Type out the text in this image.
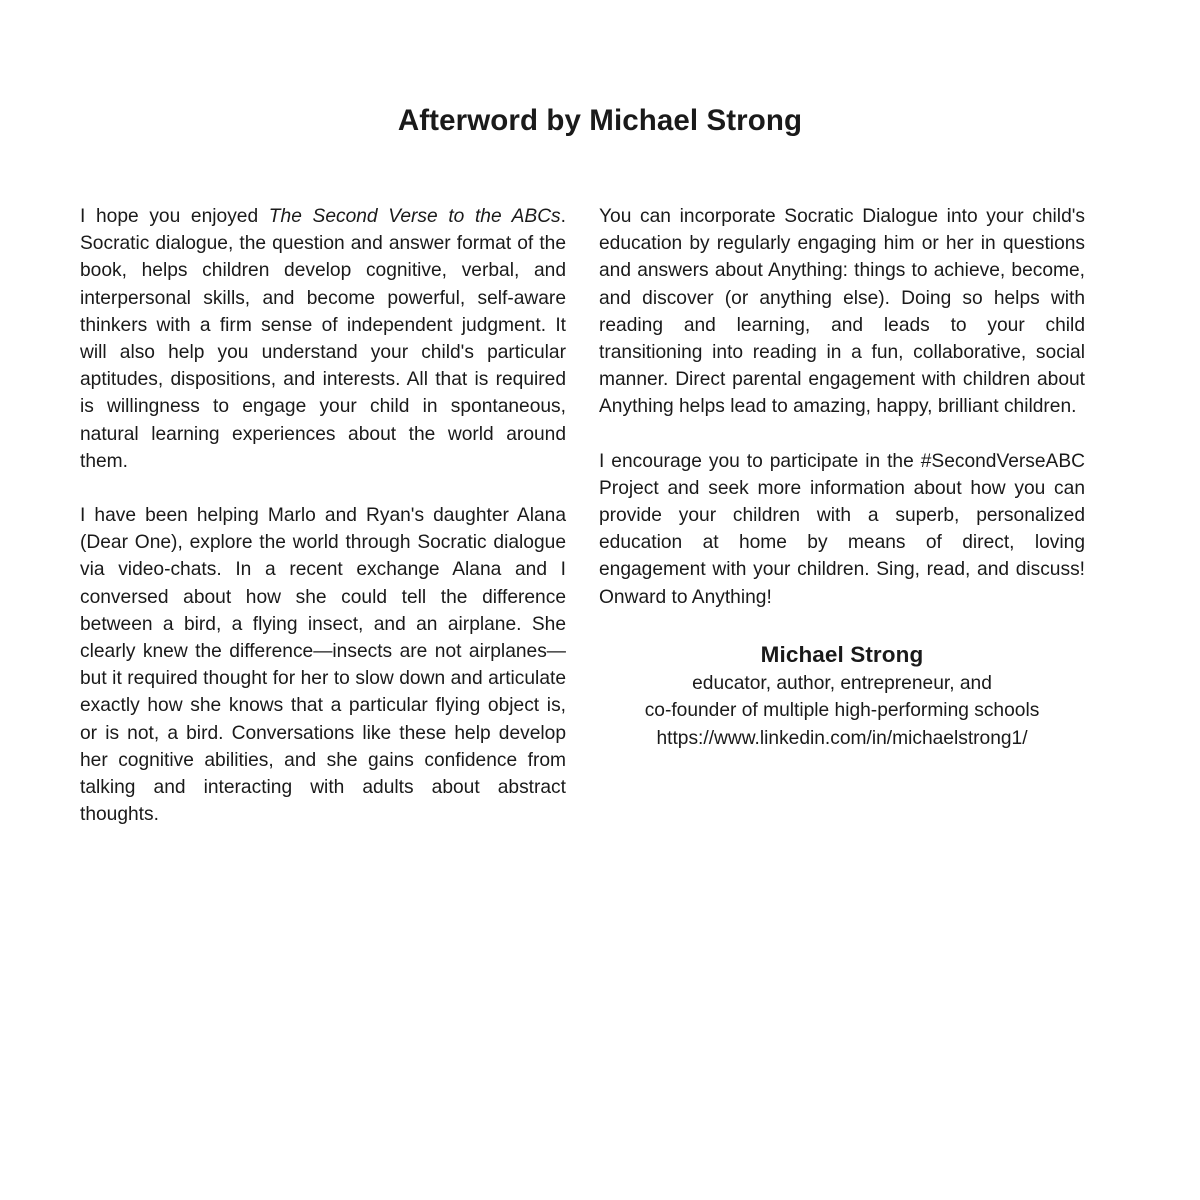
Afterword by Michael Strong

I hope you enjoyed The Second Verse to the ABCs. Socratic dialogue, the question and answer format of the book, helps children develop cognitive, verbal, and interpersonal skills, and become powerful, self-aware thinkers with a firm sense of independent judgment. It will also help you understand your child's particular aptitudes, dispositions, and interests. All that is required is willingness to engage your child in spontaneous, natural learning experiences about the world around them.

I have been helping Marlo and Ryan's daughter Alana (Dear One), explore the world through Socratic dialogue via video-chats. In a recent exchange Alana and I conversed about how she could tell the difference between a bird, a flying insect, and an airplane. She clearly knew the difference—insects are not airplanes—but it required thought for her to slow down and articulate exactly how she knows that a particular flying object is, or is not, a bird. Conversations like these help develop her cognitive abilities, and she gains confidence from talking and interacting with adults about abstract thoughts.

You can incorporate Socratic Dialogue into your child's education by regularly engaging him or her in questions and answers about Anything: things to achieve, become, and discover (or anything else). Doing so helps with reading and learning, and leads to your child transitioning into reading in a fun, collaborative, social manner. Direct parental engagement with children about Anything helps lead to amazing, happy, brilliant children.

I encourage you to participate in the #SecondVerseABC Project and seek more information about how you can provide your children with a superb, personalized education at home by means of direct, loving engagement with your children. Sing, read, and discuss! Onward to Anything!

Michael Strong
educator, author, entrepreneur, and
co-founder of multiple high-performing schools
https://www.linkedin.com/in/michaelstrong1/
